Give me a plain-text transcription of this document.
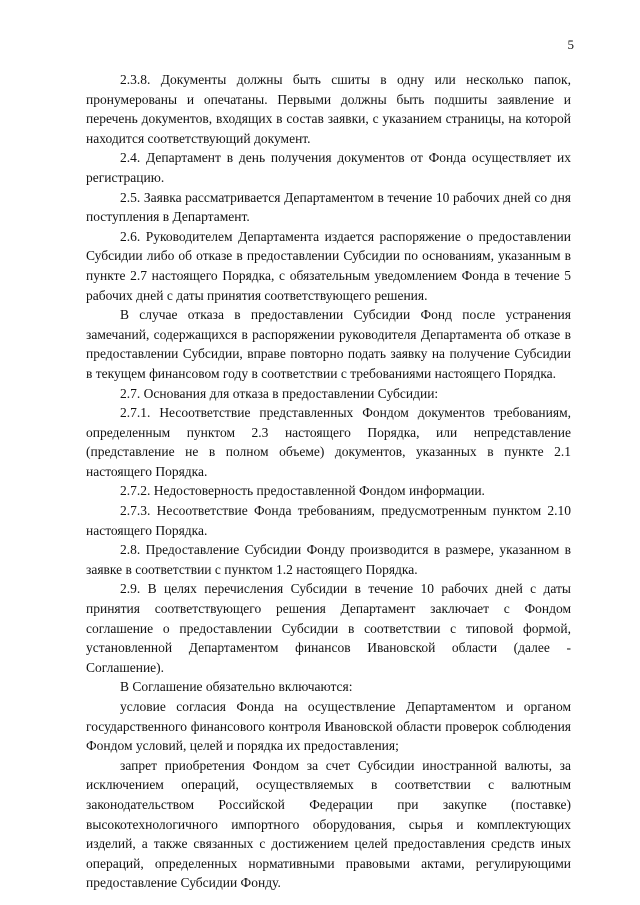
5

2.3.8. Документы должны быть сшиты в одну или несколько папок, пронумерованы и опечатаны. Первыми должны быть подшиты заявление и перечень документов, входящих в состав заявки, с указанием страницы, на которой находится соответствующий документ.

2.4. Департамент в день получения документов от Фонда осуществляет их регистрацию.

2.5. Заявка рассматривается Департаментом в течение 10 рабочих дней со дня поступления в Департамент.

2.6. Руководителем Департамента издается распоряжение о предоставлении Субсидии либо об отказе в предоставлении Субсидии по основаниям, указанным в пункте 2.7 настоящего Порядка, с обязательным уведомлением Фонда в течение 5 рабочих дней с даты принятия соответствующего решения.

В случае отказа в предоставлении Субсидии Фонд после устранения замечаний, содержащихся в распоряжении руководителя Департамента об отказе в предоставлении Субсидии, вправе повторно подать заявку на получение Субсидии в текущем финансовом году в соответствии с требованиями настоящего Порядка.

2.7. Основания для отказа в предоставлении Субсидии:

2.7.1. Несоответствие представленных Фондом документов требованиям, определенным пунктом 2.3 настоящего Порядка, или непредставление (представление не в полном объеме) документов, указанных в пункте 2.1 настоящего Порядка.

2.7.2. Недостоверность предоставленной Фондом информации.

2.7.3. Несоответствие Фонда требованиям, предусмотренным пунктом 2.10 настоящего Порядка.

2.8. Предоставление Субсидии Фонду производится в размере, указанном в заявке в соответствии с пунктом 1.2 настоящего Порядка.

2.9. В целях перечисления Субсидии в течение 10 рабочих дней с даты принятия соответствующего решения Департамент заключает с Фондом соглашение о предоставлении Субсидии в соответствии с типовой формой, установленной Департаментом финансов Ивановской области (далее - Соглашение).

В Соглашение обязательно включаются:

условие согласия Фонда на осуществление Департаментом и органом государственного финансового контроля Ивановской области проверок соблюдения Фондом условий, целей и порядка их предоставления;

запрет приобретения Фондом за счет Субсидии иностранной валюты, за исключением операций, осуществляемых в соответствии с валютным законодательством Российской Федерации при закупке (поставке) высокотехнологичного импортного оборудования, сырья и комплектующих изделий, а также связанных с достижением целей предоставления средств иных операций, определенных нормативными правовыми актами, регулирующими предоставление Субсидии Фонду.
